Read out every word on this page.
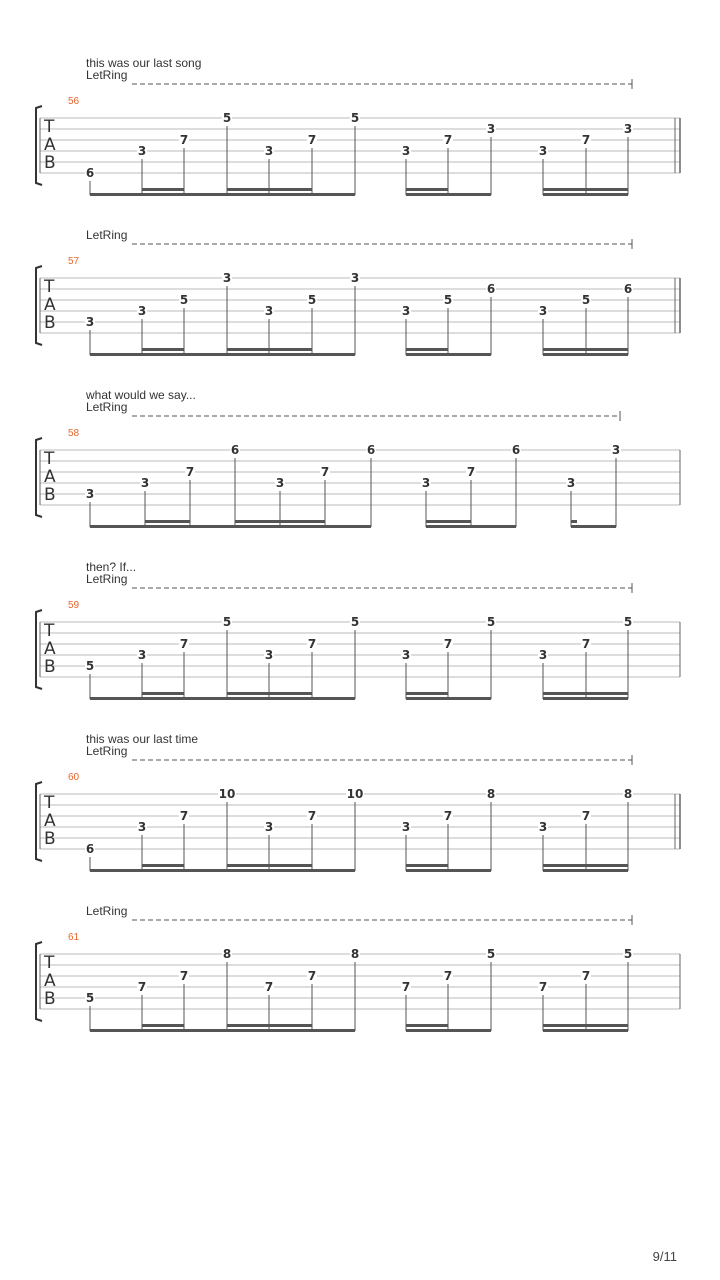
this was our last song
LetRing
56
T
A
B	6
3
7
5
3
7
5
3
7
3
3
7
3
LetRing
57
T
A
B	3
3
5
3
3
5
3
3
5
6
3
5
6
what would we say...
LetRing
58
T
A
B	3
3
7
6
3
7
6
3
7
6
3
3
then? If...
LetRing
59
T
A
B	5
3
7
5
3
7
5
3
7
5
3
7
5
this was our last time
LetRing
60
T
A
B	6
3
7
10
3
7
10
3
7
8
3
7
8
LetRing
61
T
A
B	5
7
7
8
7
7
8
7
7
5
7
7
5
9/11
